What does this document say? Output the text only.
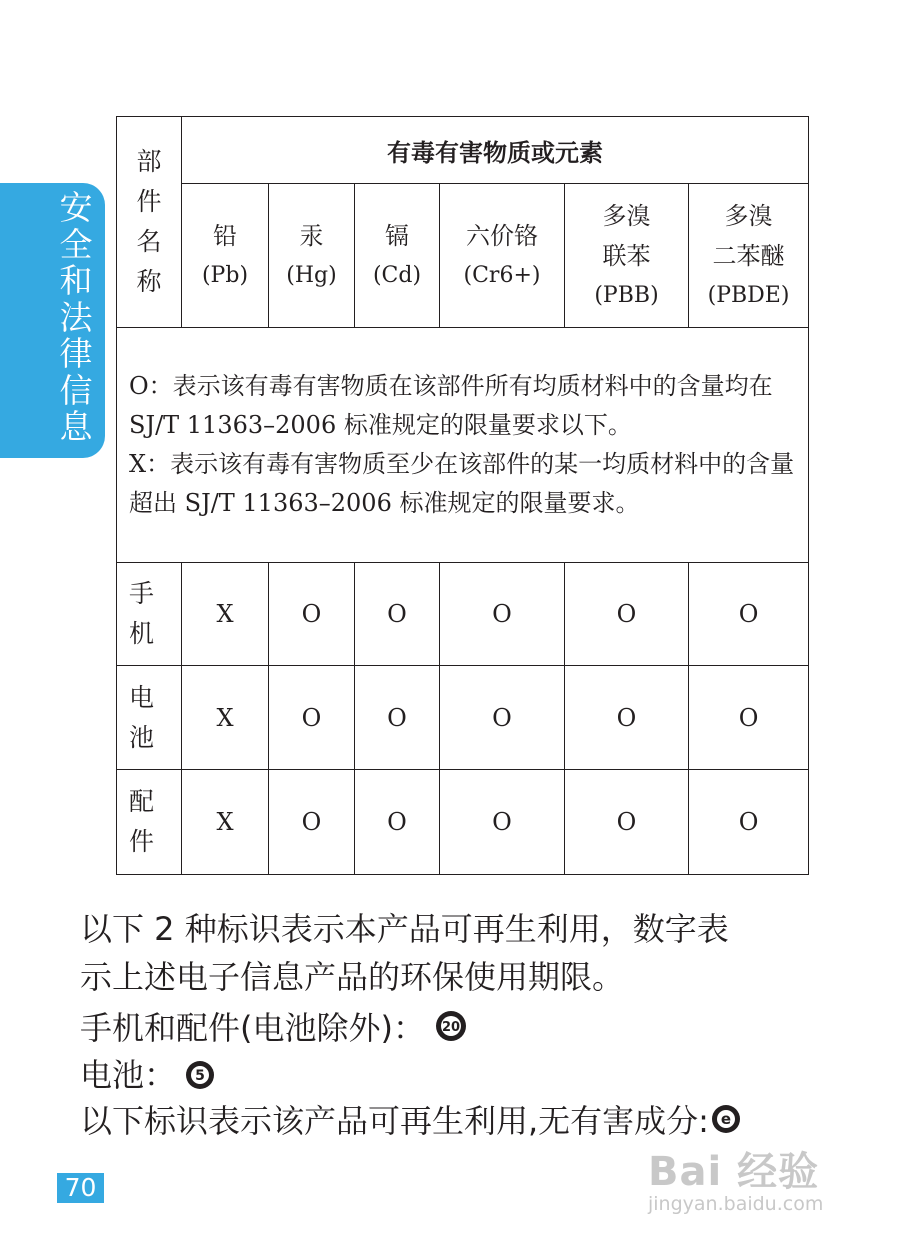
安
全
和
法
律
信
息
部
件
名
称	有毒有害物质或元素					

	铅
(Pb)	汞
(Hg)	镉
(Cd)	六价铬
(Cr6+)	多溴
联苯
(PBB)	多溴
二苯醚
(PBDE)

O：表示该有毒有害物质在该部件所有均质材料中的含量均在 SJ/T 11363–2006 标准规定的限量要求以下。

X：表示该有毒有害物质至少在该部件的某一均质材料中的含量超出 SJ/T 11363–2006 标准规定的限量要求。						

手
机	X	O	O	O	O	O

电
池	X	O	O	O	O	O

配
件	X	O	O	O	O	O
以下 2 种标识表示本产品可再生利用，数字表
示上述电子信息产品的环保使用期限。
手机和配件(电池除外)： 20
电池： 5
以下标识表示该产品可再生利用,无有害成分: e
70	Bai 经验
jingyan.baidu.com
